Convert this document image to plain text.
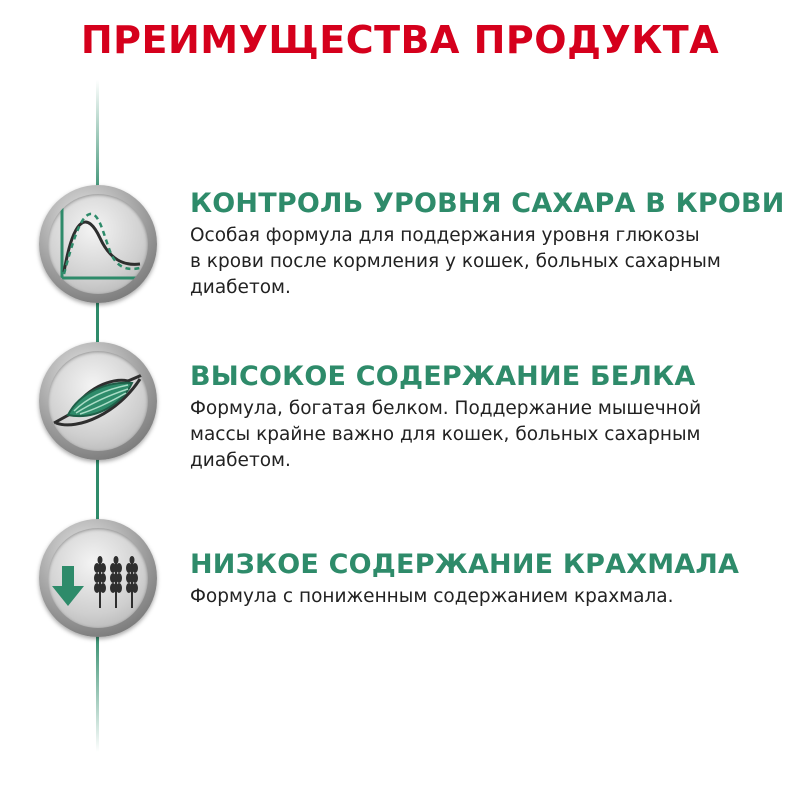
ПРЕИМУЩЕСТВА ПРОДУКТА
КОНТРОЛЬ УРОВНЯ САХАРА В КРОВИ

Особая формула для поддержания уровня глюкозы
в крови после кормления у кошек, больных сахарным
диабетом.

ВЫСОКОЕ СОДЕРЖАНИЕ БЕЛКА

Формула, богатая белком. Поддержание мышечной
массы крайне важно для кошек, больных сахарным
диабетом.

НИЗКОЕ СОДЕРЖАНИЕ КРАХМАЛА

Формула с пониженным содержанием крахмала.
